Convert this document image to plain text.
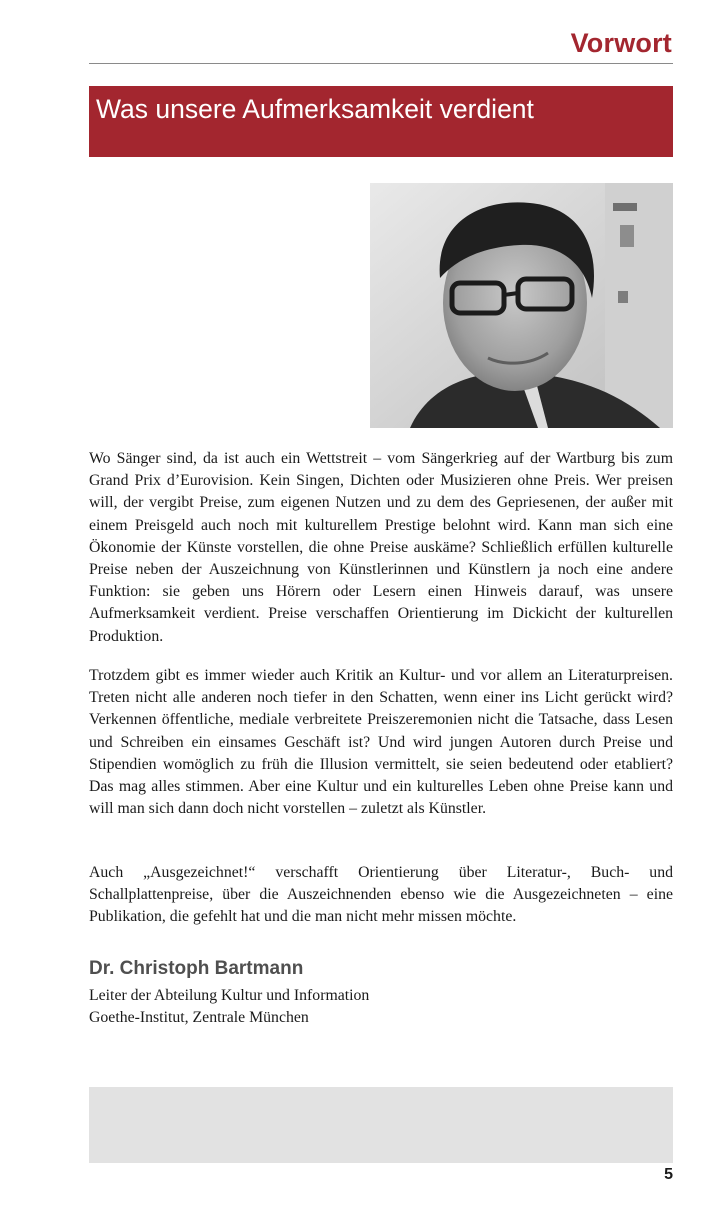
Vorwort
Was unsere Aufmerksamkeit verdient

Wo Sänger sind, da ist auch ein Wettstreit – vom Sängerkrieg auf der Wartburg bis zum Grand Prix d’Eurovision. Kein Singen, Dichten oder Musizieren ohne Preis. Wer preisen will, der vergibt Preise, zum eigenen Nutzen und zu dem des Gepriesenen, der außer mit einem Preisgeld auch noch mit kulturellem Prestige belohnt wird. Kann man sich eine Ökonomie der Künste vorstellen, die ohne Preise auskäme? Schließlich erfüllen kulturelle Preise neben der Auszeichnung von Künstlerinnen und Künstlern ja noch eine andere Funktion: sie geben uns Hörern oder Lesern einen Hinweis darauf, was unsere Aufmerksamkeit verdient. Preise verschaffen Orientierung im Dickicht der kulturellen Produktion.

Trotzdem gibt es immer wieder auch Kritik an Kultur- und vor allem an Literaturpreisen. Treten nicht alle anderen noch tiefer in den Schatten, wenn einer ins Licht gerückt wird? Verkennen öffentliche, mediale verbreitete Preiszeremonien nicht die Tatsache, dass Lesen und Schreiben ein einsames Geschäft ist? Und wird jungen Autoren durch Preise und Stipendien womöglich zu früh die Illusion vermittelt, sie seien bedeutend oder etabliert? Das mag alles stimmen. Aber eine Kultur und ein kulturelles Leben ohne Preise kann und will man sich dann doch nicht vorstellen – zuletzt als Künstler.

Auch „Ausgezeichnet!“ verschafft Orientierung über Literatur-, Buch- und Schallplattenpreise, über die Auszeichnenden ebenso wie die Ausgezeichneten – eine Publikation, die gefehlt hat und die man nicht mehr missen möchte.

Dr. Christoph Bartmann
Leiter der Abteilung Kultur und Information
Goethe-Institut, Zentrale München
5
